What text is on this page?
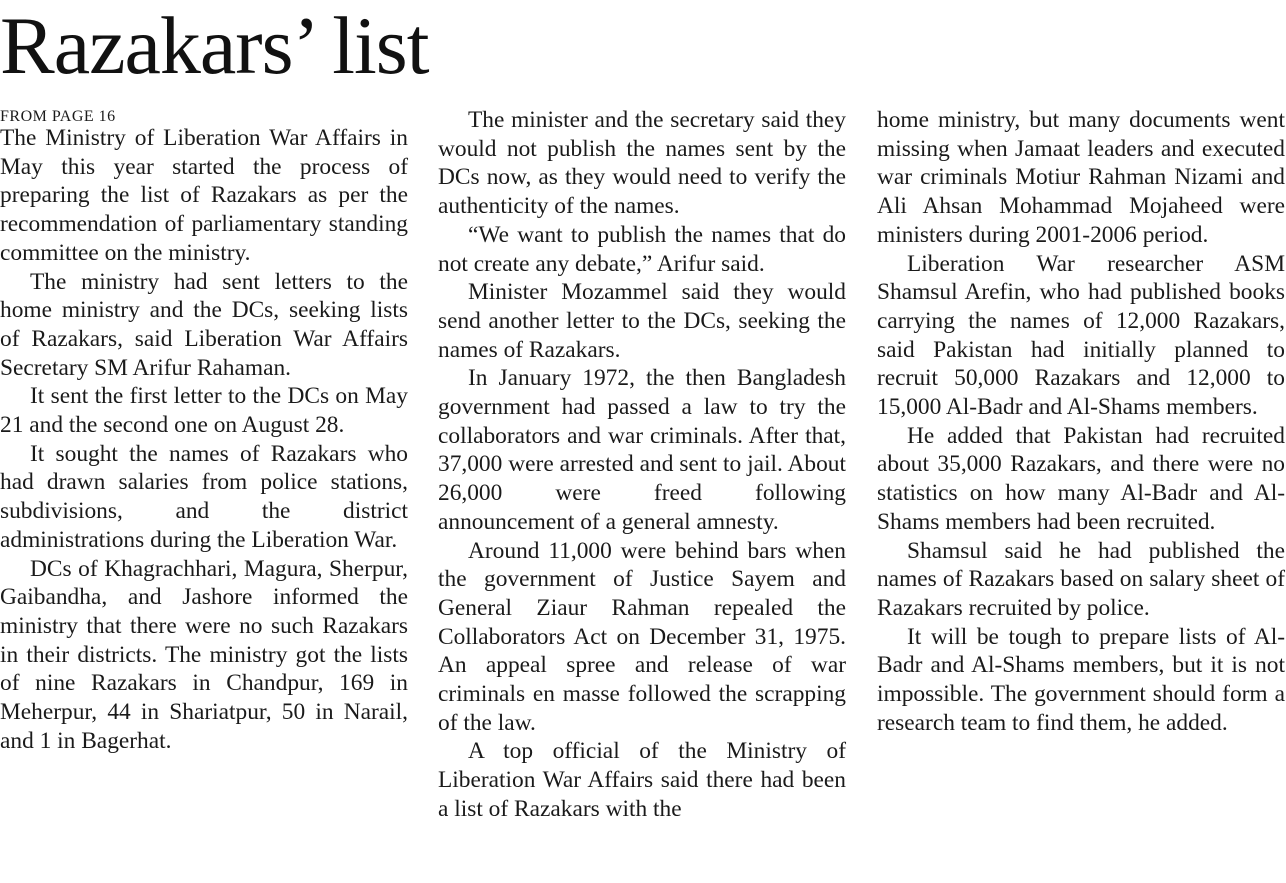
Razakars’ list
FROM PAGE 16

The Ministry of Liberation War Affairs in May this year started the process of preparing the list of Razakars as per the recommendation of parliamentary standing committee on the ministry.

The ministry had sent letters to the home ministry and the DCs, seeking lists of Razakars, said Liberation War Affairs Secretary SM Arifur Rahaman.

It sent the first letter to the DCs on May 21 and the second one on August 28.

It sought the names of Razakars who had drawn salaries from police stations, subdivisions, and the district administrations during the Liberation War.

DCs of Khagrachhari, Magura, Sherpur, Gaibandha, and Jashore informed the ministry that there were no such Razakars in their districts. The ministry got the lists of nine Razakars in Chandpur, 169 in Meherpur, 44 in Shariatpur, 50 in Narail, and 1 in Bagerhat.

The minister and the secretary said they would not publish the names sent by the DCs now, as they would need to verify the authenticity of the names.

“We want to publish the names that do not create any debate,” Arifur said.

Minister Mozammel said they would send another letter to the DCs, seeking the names of Razakars.

In January 1972, the then Bangladesh government had passed a law to try the collaborators and war criminals. After that, 37,000 were arrested and sent to jail. About 26,000 were freed following announcement of a general amnesty.

Around 11,000 were behind bars when the government of Justice Sayem and General Ziaur Rahman repealed the Collaborators Act on December 31, 1975. An appeal spree and release of war criminals en masse followed the scrapping of the law.

A top official of the Ministry of Liberation War Affairs said there had been a list of Razakars with the

home ministry, but many documents went missing when Jamaat leaders and executed war criminals Motiur Rahman Nizami and Ali Ahsan Mohammad Mojaheed were ministers during 2001-2006 period.

Liberation War researcher ASM Shamsul Arefin, who had published books carrying the names of 12,000 Razakars, said Pakistan had initially planned to recruit 50,000 Razakars and 12,000 to 15,000 Al-Badr and Al-Shams members.

He added that Pakistan had recruited about 35,000 Razakars, and there were no statistics on how many Al-Badr and Al-Shams members had been recruited.

Shamsul said he had published the names of Razakars based on salary sheet of Razakars recruited by police.

It will be tough to prepare lists of Al-Badr and Al-Shams members, but it is not impossible. The government should form a research team to find them, he added.
